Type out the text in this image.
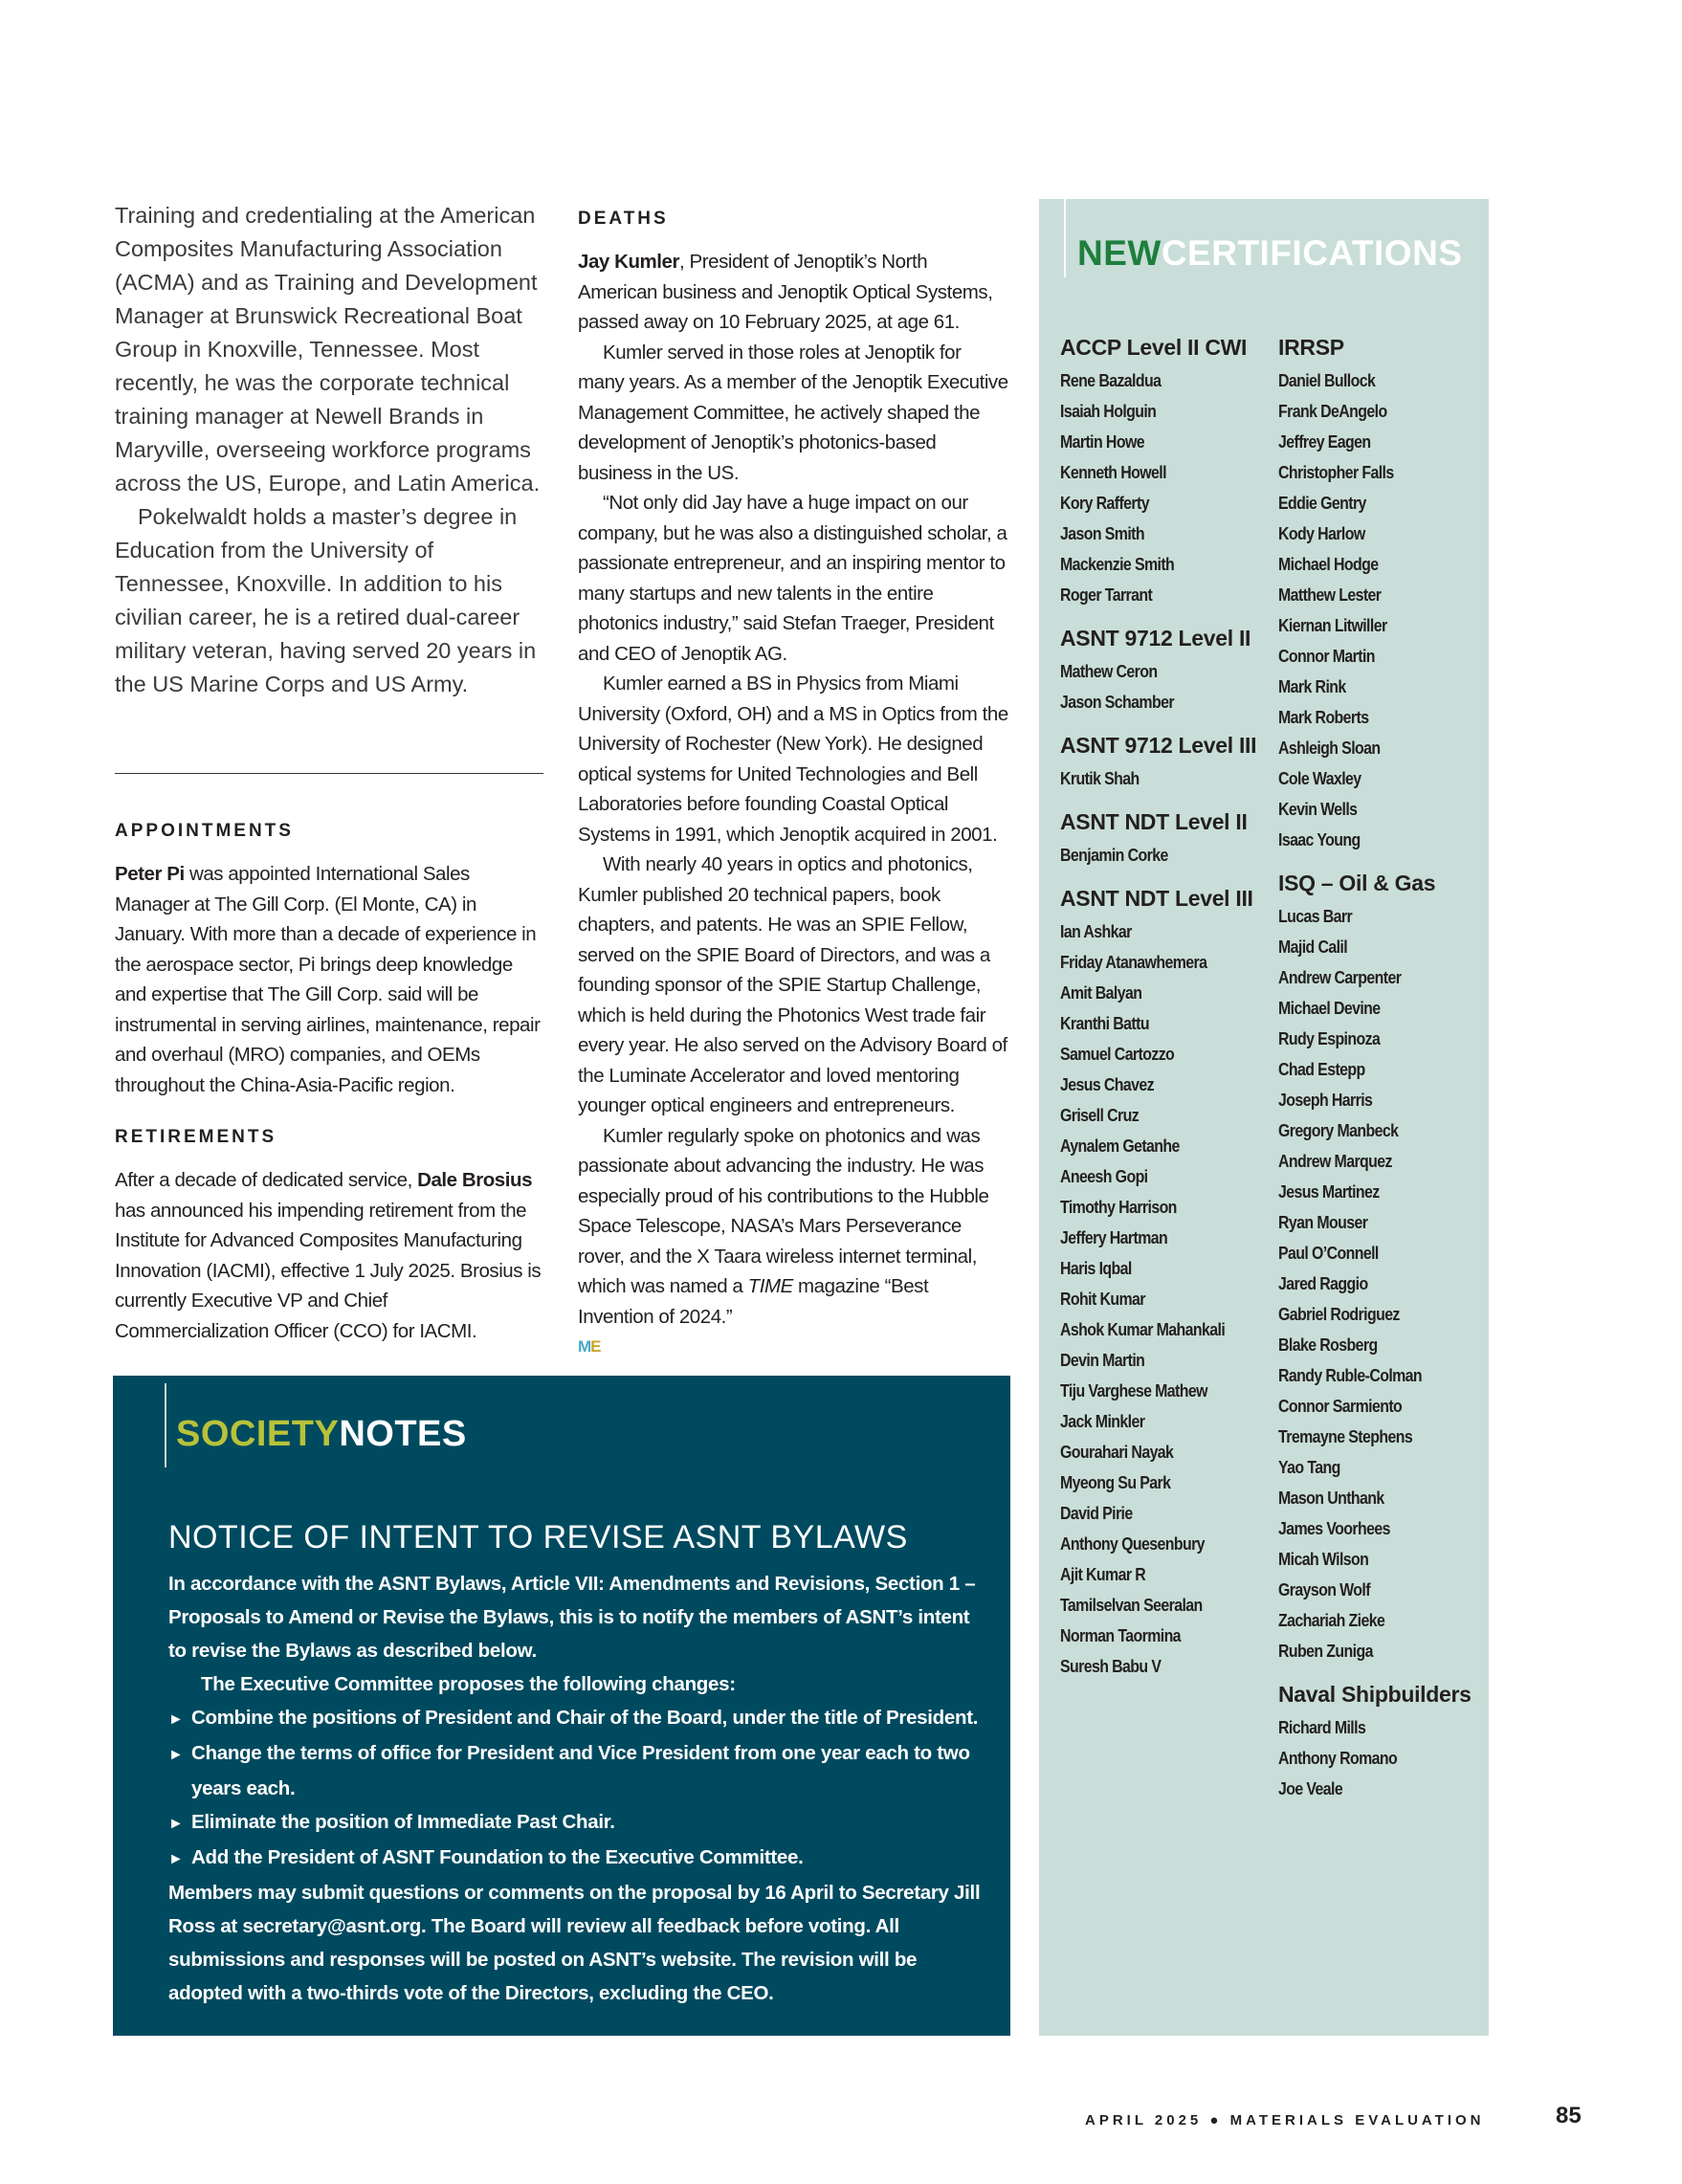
Training and credentialing at the American Composites Manufacturing Association (ACMA) and as Training and Development Manager at Brunswick Recreational Boat Group in Knoxville, Tennessee. Most recently, he was the corporate technical training manager at Newell Brands in Maryville, overseeing workforce programs across the US, Europe, and Latin America.

Pokelwaldt holds a master’s degree in Education from the University of Tennessee, Knoxville. In addition to his civilian career, he is a retired dual-career military veteran, having served 20 years in the US Marine Corps and US Army.

APPOINTMENTS

Peter Pi was appointed International Sales Manager at The Gill Corp. (El Monte, CA) in January. With more than a decade of experience in the aerospace sector, Pi brings deep knowledge and expertise that The Gill Corp. said will be instrumental in serving airlines, maintenance, repair and overhaul (MRO) companies, and OEMs throughout the China-Asia-Pacific region.

RETIREMENTS

After a decade of dedicated service, Dale Brosius has announced his impending retirement from the Institute for Advanced Composites Manufacturing Innovation (IACMI), effective 1 July 2025. Brosius is currently Executive VP and Chief Commercialization Officer (CCO) for IACMI.

DEATHS

Jay Kumler, President of Jenoptik’s North American business and Jenoptik Optical Systems, passed away on 10 February 2025, at age 61.

Kumler served in those roles at Jenoptik for many years. As a member of the Jenoptik Executive Management Committee, he actively shaped the development of Jenoptik’s photonics-based business in the US.

“Not only did Jay have a huge impact on our company, but he was also a distinguished scholar, a passionate entrepreneur, and an inspiring mentor to many startups and new talents in the entire photonics industry,” said Stefan Traeger, President and CEO of Jenoptik AG.

Kumler earned a BS in Physics from Miami University (Oxford, OH) and a MS in Optics from the University of Rochester (New York). He designed optical systems for United Technologies and Bell Laboratories before founding Coastal Optical Systems in 1991, which Jenoptik acquired in 2001.

With nearly 40 years in optics and photonics, Kumler published 20 technical papers, book chapters, and patents. He was an SPIE Fellow, served on the SPIE Board of Directors, and was a founding sponsor of the SPIE Startup Challenge, which is held during the Photonics West trade fair every year. He also served on the Advisory Board of the Luminate Accelerator and loved mentoring younger optical engineers and entrepreneurs.

Kumler regularly spoke on photonics and was passionate about advancing the industry. He was especially proud of his contributions to the Hubble Space Telescope, NASA’s Mars Perseverance rover, and the X Taara wireless internet terminal, which was named a TIME magazine “Best Invention of 2024.”

ME
SOCIETYNOTES
NOTICE OF INTENT TO REVISE ASNT BYLAWS

In accordance with the ASNT Bylaws, Article VII: Amendments and Revisions, Section 1 – Proposals to Amend or Revise the Bylaws, this is to notify the members of ASNT’s intent to revise the Bylaws as described below.

The Executive Committee proposes the following changes:

► Combine the positions of President and Chair of the Board, under the title of President.
► Change the terms of office for President and Vice President from one year each to two years each.
► Eliminate the position of Immediate Past Chair.
► Add the President of ASNT Foundation to the Executive Committee.

Members may submit questions or comments on the proposal by 16 April to Secretary Jill Ross at secretary@asnt.org. The Board will review all feedback before voting. All submissions and responses will be posted on ASNT’s website. The revision will be adopted with a two-thirds vote of the Directors, excluding the CEO.

NEWCERTIFICATIONS
ACCP Level II CWI
Rene Bazaldua
Isaiah Holguin
Martin Howe
Kenneth Howell
Kory Rafferty
Jason Smith
Mackenzie Smith
Roger Tarrant
ASNT 9712 Level II
Mathew Ceron
Jason Schamber
ASNT 9712 Level III
Krutik Shah
ASNT NDT Level II
Benjamin Corke
ASNT NDT Level III
Ian Ashkar
Friday Atanawhemera
Amit Balyan
Kranthi Battu
Samuel Cartozzo
Jesus Chavez
Grisell Cruz
Aynalem Getanhe
Aneesh Gopi
Timothy Harrison
Jeffery Hartman
Haris Iqbal
Rohit Kumar
Ashok Kumar Mahankali
Devin Martin
Tiju Varghese Mathew
Jack Minkler
Gourahari Nayak
Myeong Su Park
David Pirie
Anthony Quesenbury
Ajit Kumar R
Tamilselvan Seeralan
Norman Taormina
Suresh Babu V
IRRSP
Daniel Bullock
Frank DeAngelo
Jeffrey Eagen
Christopher Falls
Eddie Gentry
Kody Harlow
Michael Hodge
Matthew Lester
Kiernan Litwiller
Connor Martin
Mark Rink
Mark Roberts
Ashleigh Sloan
Cole Waxley
Kevin Wells
Isaac Young
ISQ – Oil & Gas
Lucas Barr
Majid Calil
Andrew Carpenter
Michael Devine
Rudy Espinoza
Chad Estepp
Joseph Harris
Gregory Manbeck
Andrew Marquez
Jesus Martinez
Ryan Mouser
Paul O’Connell
Jared Raggio
Gabriel Rodriguez
Blake Rosberg
Randy Ruble-Colman
Connor Sarmiento
Tremayne Stephens
Yao Tang
Mason Unthank
James Voorhees
Micah Wilson
Grayson Wolf
Zachariah Zieke
Ruben Zuniga
Naval Shipbuilders
Richard Mills
Anthony Romano
Joe Veale
APRIL 2025 ● MATERIALS EVALUATION	85
